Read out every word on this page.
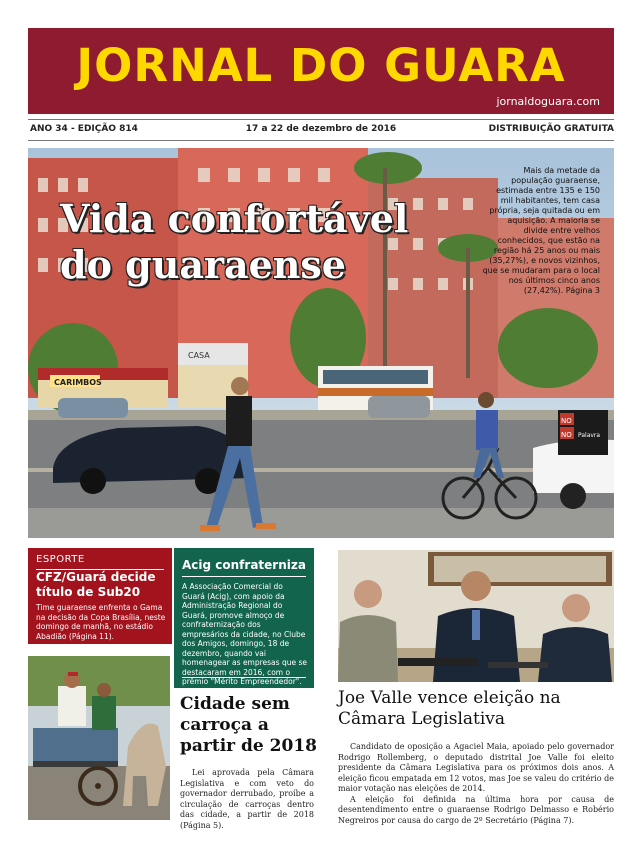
JORNAL DO GUARA
jornaldoguara.com
ANO 34 - EDIÇÃO 814	17 a 22 de dezembro de 2016	DISTRIBUIÇÃO GRATUITA
CARIMBOS
CASA
NO
NO Palavra
Vida confortável do guaraense
Mais da metade da população guaraense, estimada entre 135 e 150 mil habitantes, tem casa própria, seja quitada ou em aquisição. A maioria se divide entre velhos conhecidos, que estão na região há 25 anos ou mais (35,27%), e novos vizinhos, que se mudaram para o local nos últimos cinco anos (27,42%). Página 3
ESPORTE
CFZ/Guará decide título de Sub20
Time guaraense enfrenta o Gama na decisão da Copa Brasília, neste domingo de manhã, no estádio Abadião (Página 11).
Acig confraterniza
A Associação Comercial do Guará (Acig), com apoio da Administração Regional do Guará, promove almoço de confraternização dos empresários da cidade, no Clube dos Amigos, domingo, 18 de dezembro, quando vai homenagear as empresas que se destacaram em 2016, com o prêmio "Mérito Empreendedor".
Cidade sem carroça a partir de 2018
Lei aprovada pela Câmara Legislativa e com veto do governador derrubado, proíbe a circulação de carroças dentro das cidade, a partir de 2018 (Página 5).
Joe Valle vence eleição na Câmara Legislativa

Candidato de oposição a Agaciel Maia, apoiado pelo governador Rodrigo Rollemberg, o deputado distrital Joe Valle foi eleito presidente da Câmara Legislativa para os próximos dois anos. A eleição ficou empatada em 12 votos, mas Joe se valeu do critério de maior votação nas eleições de 2014.

A eleição foi definida na última hora por causa de desentendimento entre o guaraense Rodrigo Delmasso e Robério Negreiros por causa do cargo de 2º Secretário (Página 7).
